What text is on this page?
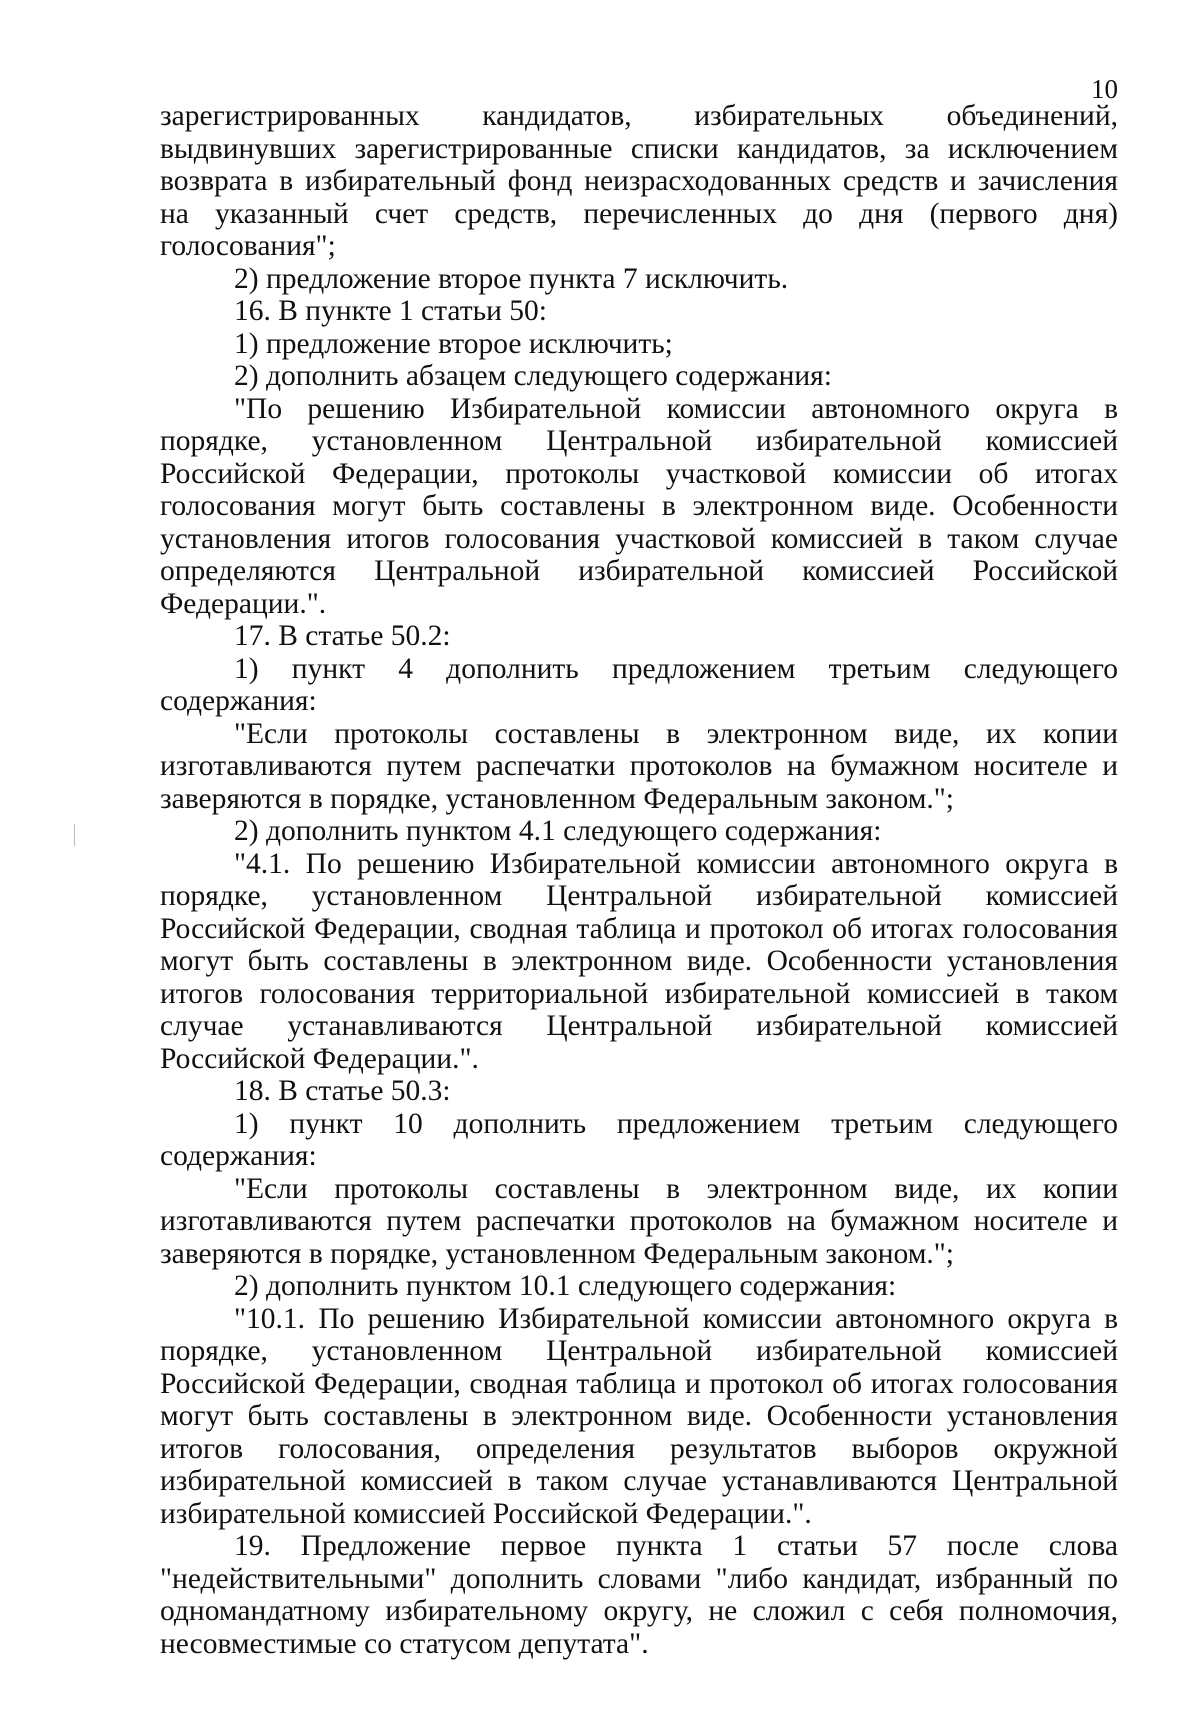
10

зарегистрированных кандидатов, избирательных объединений, выдвинувших зарегистрированные списки кандидатов, за исключением возврата в избирательный фонд неизрасходованных средств и зачисления на указанный счет средств, перечисленных до дня (первого дня) голосования";

2) предложение второе пункта 7 исключить.

16. В пункте 1 статьи 50:

1) предложение второе исключить;

2) дополнить абзацем следующего содержания:

"По решению Избирательной комиссии автономного округа в порядке, установленном Центральной избирательной комиссией Российской Федерации, протоколы участковой комиссии об итогах голосования могут быть составлены в электронном виде. Особенности установления итогов голосования участковой комиссией в таком случае определяются Центральной избирательной комиссией Российской Федерации.".

17. В статье 50.2:

1) пункт 4 дополнить предложением третьим следующего содержания:

"Если протоколы составлены в электронном виде, их копии изготавливаются путем распечатки протоколов на бумажном носителе и заверяются в порядке, установленном Федеральным законом.";

2) дополнить пунктом 4.1 следующего содержания:

"4.1. По решению Избирательной комиссии автономного округа в порядке, установленном Центральной избирательной комиссией Российской Федерации, сводная таблица и протокол об итогах голосования могут быть составлены в электронном виде. Особенности установления итогов голосования территориальной избирательной комиссией в таком случае устанавливаются Центральной избирательной комиссией Российской Федерации.".

18. В статье 50.3:

1) пункт 10 дополнить предложением третьим следующего содержания:

"Если протоколы составлены в электронном виде, их копии изготавливаются путем распечатки протоколов на бумажном носителе и заверяются в порядке, установленном Федеральным законом.";

2) дополнить пунктом 10.1 следующего содержания:

"10.1. По решению Избирательной комиссии автономного округа в порядке, установленном Центральной избирательной комиссией Российской Федерации, сводная таблица и протокол об итогах голосования могут быть составлены в электронном виде. Особенности установления итогов голосования, определения результатов выборов окружной избирательной комиссией в таком случае устанавливаются Центральной избирательной комиссией Российской Федерации.".

19. Предложение первое пункта 1 статьи 57 после слова "недействительными" дополнить словами "либо кандидат, избранный по одномандатному избирательному округу, не сложил с себя полномочия, несовместимые со статусом депутата".
